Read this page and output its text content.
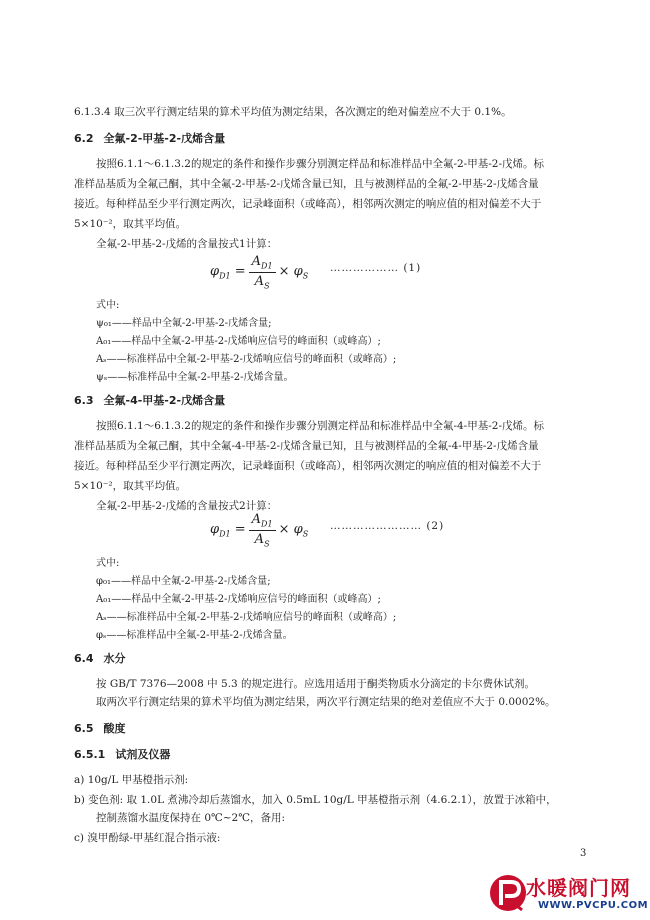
6.1.3.4 取三次平行测定结果的算术平均值为测定结果，各次测定的绝对偏差应不大于 0.1%。
6.2 全氟-2-甲基-2-戊烯含量
按照6.1.1～6.1.3.2的规定的条件和操作步骤分别测定样品和标准样品中全氟-2-甲基-2-戊烯。标
准样品基质为全氟己酮，其中全氟-2-甲基-2-戊烯含量已知，且与被测样品的全氟-2-甲基-2-戊烯含量
接近。每种样品至少平行测定两次，记录峰面积（或峰高），相邻两次测定的响应值的相对偏差不大于
5×10⁻²，取其平均值。
全氟-2-甲基-2-戊烯的含量按式1计算：
$\varphi_{D1} = \frac{A_{D1}}{A_S} \times \varphi_S$
……………… (1)
式中:
ψ₀₁——样品中全氟-2-甲基-2-戊烯含量;
A₀₁——样品中全氟-2-甲基-2-戊烯响应信号的峰面积（或峰高）;
Aₛ——标准样品中全氟-2-甲基-2-戊烯响应信号的峰面积（或峰高）;
ψₛ——标准样品中全氟-2-甲基-2-戊烯含量。
6.3 全氟-4-甲基-2-戊烯含量
按照6.1.1～6.1.3.2的规定的条件和操作步骤分别测定样品和标准样品中全氟-4-甲基-2-戊烯。标
准样品基质为全氟己酮，其中全氟-4-甲基-2-戊烯含量已知，且与被测样品的全氟-4-甲基-2-戊烯含量
接近。每种样品至少平行测定两次，记录峰面积（或峰高），相邻两次测定的响应值的相对偏差不大于
5×10⁻²，取其平均值。
全氟-2-甲基-2-戊烯的含量按式2计算：
$\varphi_{D1} = \frac{A_{D1}}{A_S} \times \varphi_S$
…………………… (2)
式中:
φ₀₁——样品中全氟-2-甲基-2-戊烯含量;
A₀₁——样品中全氟-2-甲基-2-戊烯响应信号的峰面积（或峰高）;
Aₛ——标准样品中全氟-2-甲基-2-戊烯响应信号的峰面积（或峰高）;
φₛ——标准样品中全氟-2-甲基-2-戊烯含量。
6.4 水分
按 GB/T 7376—2008 中 5.3 的规定进行。应选用适用于酮类物质水分滴定的卡尔费休试剂。
取两次平行测定结果的算术平均值为测定结果，两次平行测定结果的绝对差值应不大于 0.0002%。
6.5 酸度
6.5.1 试剂及仪器
a) 10g/L 甲基橙指示剂:
b) 变色剂: 取 1.0L 煮沸冷却后蒸馏水，加入 0.5mL 10g/L 甲基橙指示剂（4.6.2.1），放置于冰箱中，
控制蒸馏水温度保持在 0℃~2℃，备用:
c) 溴甲酚绿-甲基红混合指示液:
3
水暖阀门网
WWW.PVCPU.COM
